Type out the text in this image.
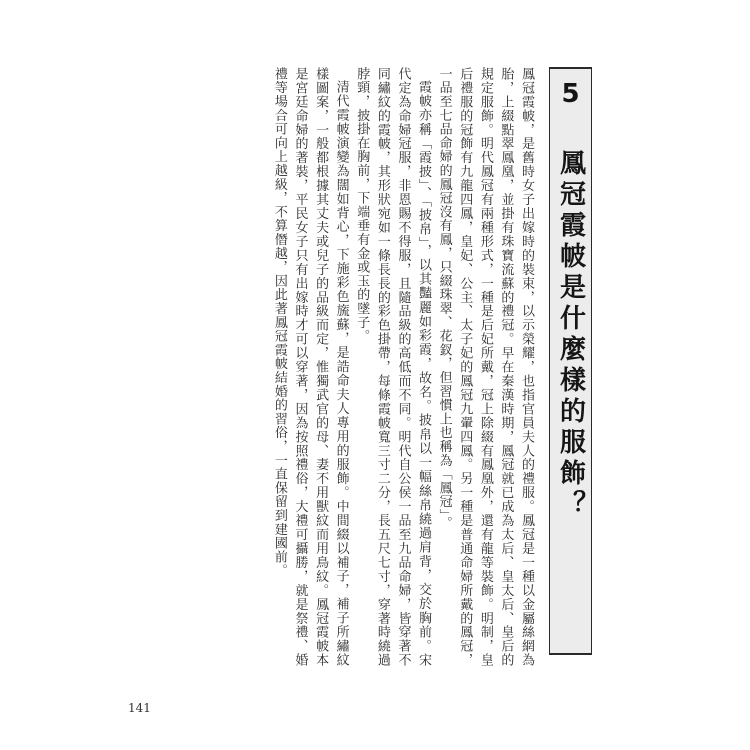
5 鳳冠霞帔是什麼樣的服飾？

鳳冠霞帔，是舊時女子出嫁時的裝束，以示榮耀，也指官員夫人的禮服。鳳冠是一種以金屬絲網為胎，上綴點翠鳳凰，並掛有珠寶流蘇的禮冠。早在秦漢時期，鳳冠就已成為太后、皇太后、皇后的規定服飾。明代鳳冠有兩種形式，一種是后妃所戴，冠上除綴有鳳凰外，還有龍等裝飾。明制，皇后禮服的冠飾有九龍四鳳，皇妃、公主、太子妃的鳳冠九翬四鳳。另一種是普通命婦所戴的鳳冠，一品至七品命婦的鳳冠沒有鳳，只綴珠翠、花釵，但習慣上也稱為「鳳冠」。

霞帔亦稱「霞披」、「披帛」，以其豔麗如彩霞，故名。披帛以一幅絲帛繞過肩背，交於胸前。宋代定為命婦冠服，非恩賜不得服，且隨品級的高低而不同。明代自公侯一品至九品命婦，皆穿著不同繡紋的霞帔，其形狀宛如一條長長的彩色掛帶，每條霞帔寬三寸二分，長五尺七寸，穿著時繞過脖頸，披掛在胸前，下端垂有金或玉的墜子。

清代霞帔演變為闊如背心，下施彩色旒蘇，是誥命夫人專用的服飾。中間綴以補子，補子所繡紋樣圖案，一般都根據其丈夫或兒子的品級而定，惟獨武官的母、妻不用獸紋而用鳥紋。鳳冠霞帔本是宮廷命婦的著裝，平民女子只有出嫁時才可以穿著，因為按照禮俗，大禮可攝勝，就是祭禮、婚禮等場合可向上越級，不算僭越，因此著鳳冠霞帔結婚的習俗，一直保留到建國前。

141
